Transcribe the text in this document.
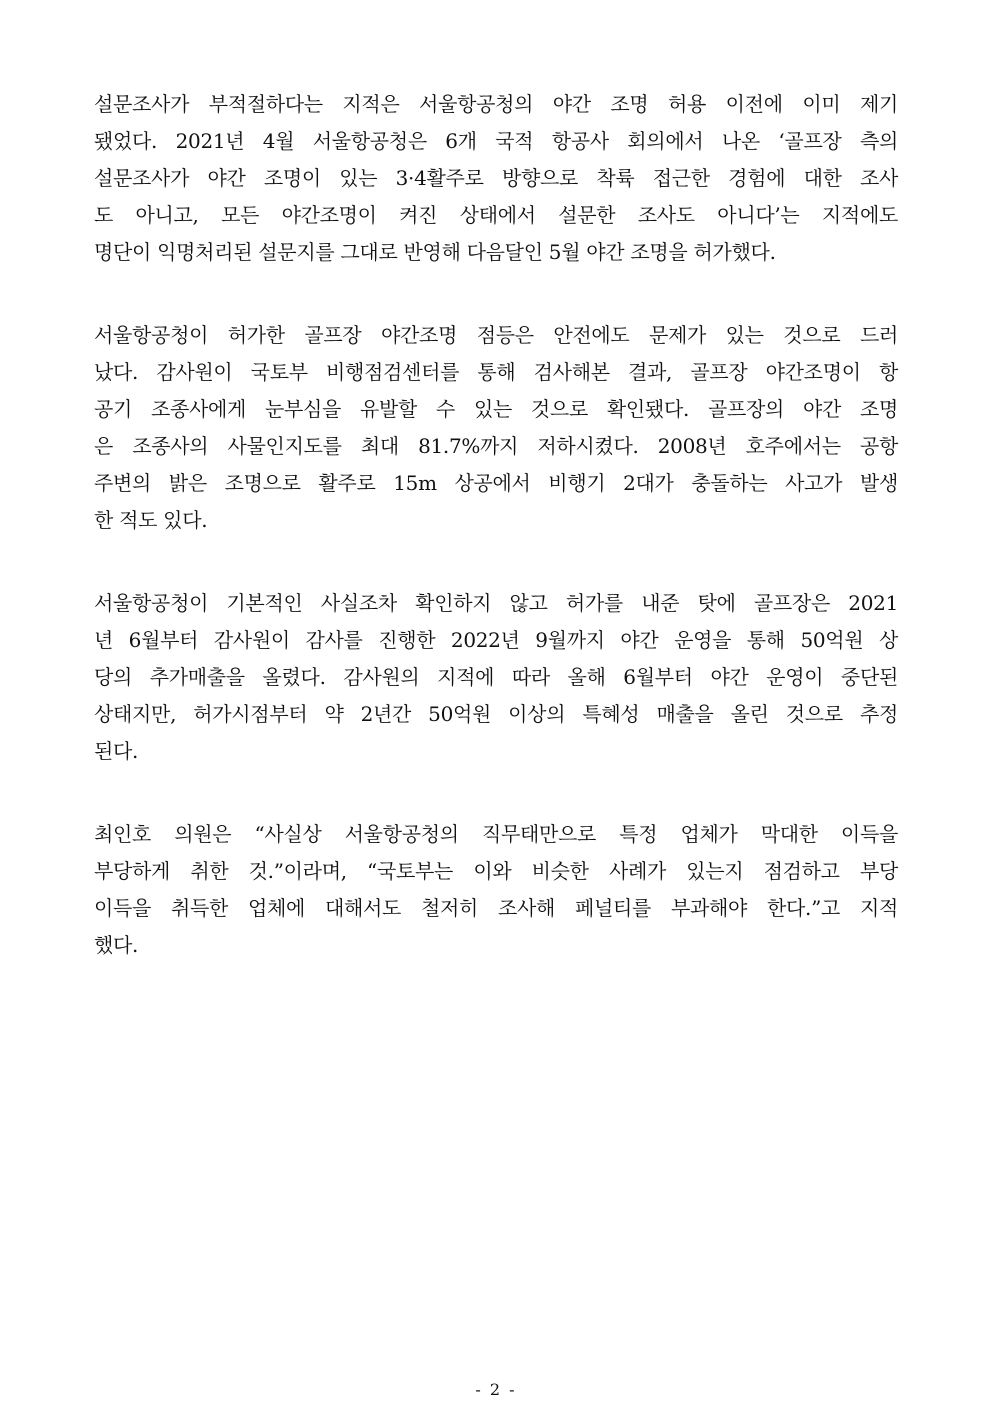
설문조사가 부적절하다는 지적은 서울항공청의 야간 조명 허용 이전에 이미 제기
됐었다. 2021년 4월 서울항공청은 6개 국적 항공사 회의에서 나온 ‘골프장 측의
설문조사가 야간 조명이 있는 3·4활주로 방향으로 착륙 접근한 경험에 대한 조사
도 아니고, 모든 야간조명이 켜진 상태에서 설문한 조사도 아니다’는 지적에도
명단이 익명처리된 설문지를 그대로 반영해 다음달인 5월 야간 조명을 허가했다.

서울항공청이 허가한 골프장 야간조명 점등은 안전에도 문제가 있는 것으로 드러
났다. 감사원이 국토부 비행점검센터를 통해 검사해본 결과, 골프장 야간조명이 항
공기 조종사에게 눈부심을 유발할 수 있는 것으로 확인됐다. 골프장의 야간 조명
은 조종사의 사물인지도를 최대 81.7%까지 저하시켰다. 2008년 호주에서는 공항
주변의 밝은 조명으로 활주로 15m 상공에서 비행기 2대가 충돌하는 사고가 발생
한 적도 있다.

서울항공청이 기본적인 사실조차 확인하지 않고 허가를 내준 탓에 골프장은 2021
년 6월부터 감사원이 감사를 진행한 2022년 9월까지 야간 운영을 통해 50억원 상
당의 추가매출을 올렸다. 감사원의 지적에 따라 올해 6월부터 야간 운영이 중단된
상태지만, 허가시점부터 약 2년간 50억원 이상의 특혜성 매출을 올린 것으로 추정
된다.

최인호 의원은 “사실상 서울항공청의 직무태만으로 특정 업체가 막대한 이득을
부당하게 취한 것.”이라며, “국토부는 이와 비슷한 사례가 있는지 점검하고 부당
이득을 취득한 업체에 대해서도 철저히 조사해 페널티를 부과해야 한다.”고 지적
했다.

- 2 -
